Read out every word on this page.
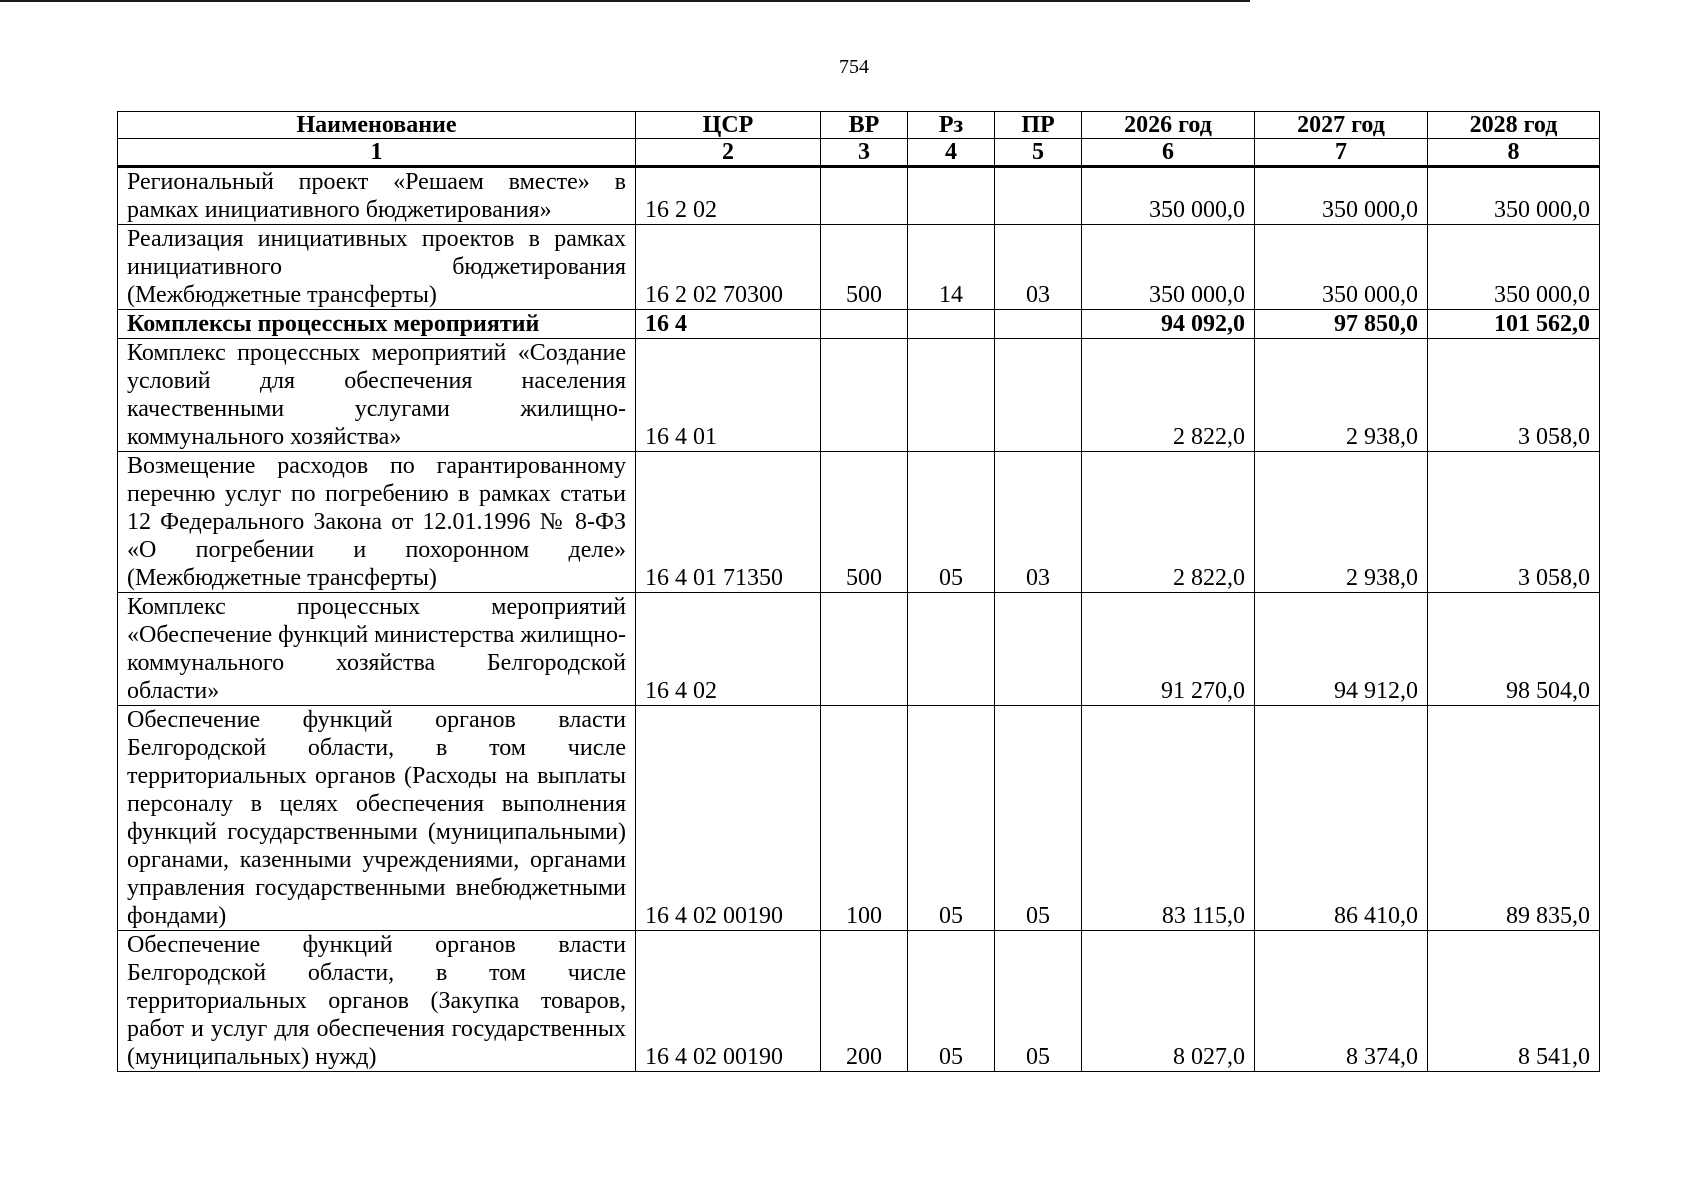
754
Наименование	ЦСР	ВР	Рз	ПР	2026 год	2027 год	2028 год
1	2	3	4	5	6	7	8
Региональный проект «Решаем вместе» в рамках инициативного бюджетирования»	16 2 02				350 000,0	350 000,0	350 000,0
Реализация инициативных проектов в рамках инициативного бюджетирования (Межбюджетные трансферты)	16 2 02 70300	500	14	03	350 000,0	350 000,0	350 000,0
Комплексы процессных мероприятий	16 4				94 092,0	97 850,0	101 562,0
Комплекс процессных мероприятий «Создание условий для обеспечения населения качественными услугами жилищно-коммунального хозяйства»	16 4 01				2 822,0	2 938,0	3 058,0
Возмещение расходов по гарантированному перечню услуг по погребению в рамках статьи 12 Федерального Закона от 12.01.1996 № 8-ФЗ «О погребении и похоронном деле» (Межбюджетные трансферты)	16 4 01 71350	500	05	03	2 822,0	2 938,0	3 058,0
Комплекс процессных мероприятий «Обеспечение функций министерства жилищно-коммунального хозяйства Белгородской области»	16 4 02				91 270,0	94 912,0	98 504,0
Обеспечение функций органов власти Белгородской области, в том числе территориальных органов (Расходы на выплаты персоналу в целях обеспечения выполнения функций государственными (муниципальными) органами, казенными учреждениями, органами управления государственными внебюджетными фондами)	16 4 02 00190	100	05	05	83 115,0	86 410,0	89 835,0
Обеспечение функций органов власти Белгородской области, в том числе территориальных органов (Закупка товаров, работ и услуг для обеспечения государственных (муниципальных) нужд)	16 4 02 00190	200	05	05	8 027,0	8 374,0	8 541,0
